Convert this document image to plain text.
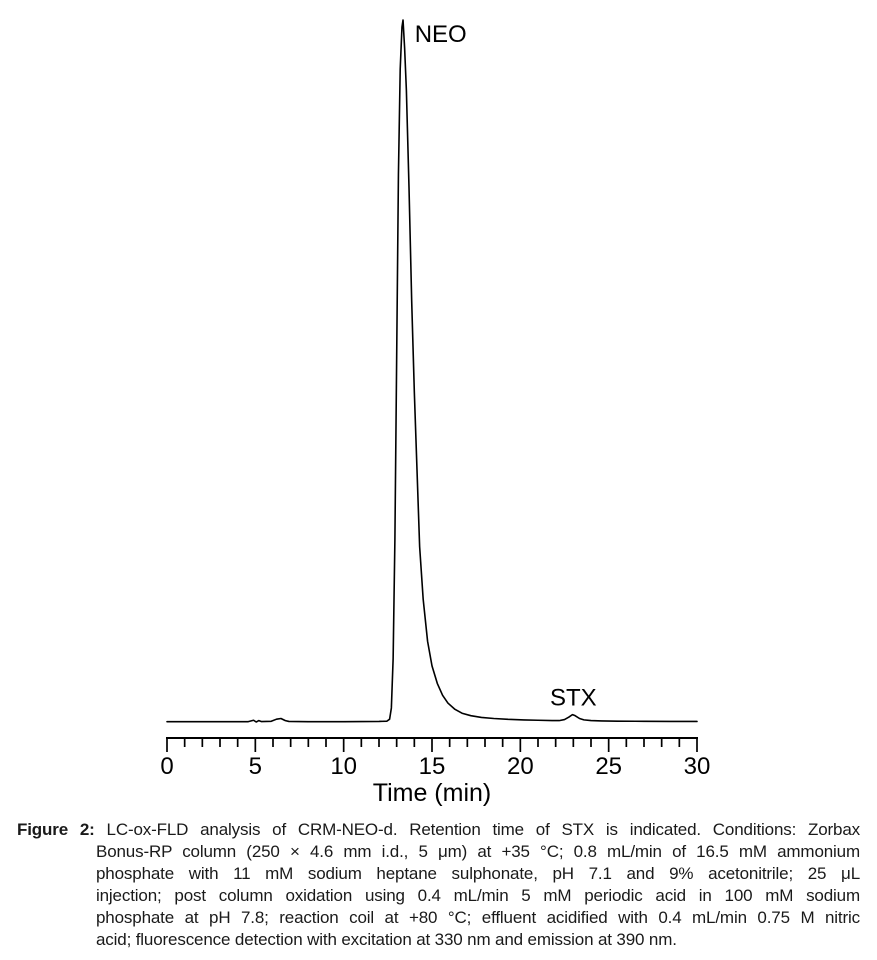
0	5	10	15	20	25	30
Time (min)
NEO
STX
Figure 2: LC-ox-FLD analysis of CRM-NEO-d. Retention time of STX is indicated. Conditions: Zorbax
Bonus-RP column (250 × 4.6 mm i.d., 5 μm) at +35 °C; 0.8 mL/min of 16.5 mM ammonium
phosphate with 11 mM sodium heptane sulphonate, pH 7.1 and 9% acetonitrile; 25 μL
injection; post column oxidation using 0.4 mL/min 5 mM periodic acid in 100 mM sodium
phosphate at pH 7.8; reaction coil at +80 °C; effluent acidified with 0.4 mL/min 0.75 M nitric
acid; fluorescence detection with excitation at 330 nm and emission at 390 nm.
